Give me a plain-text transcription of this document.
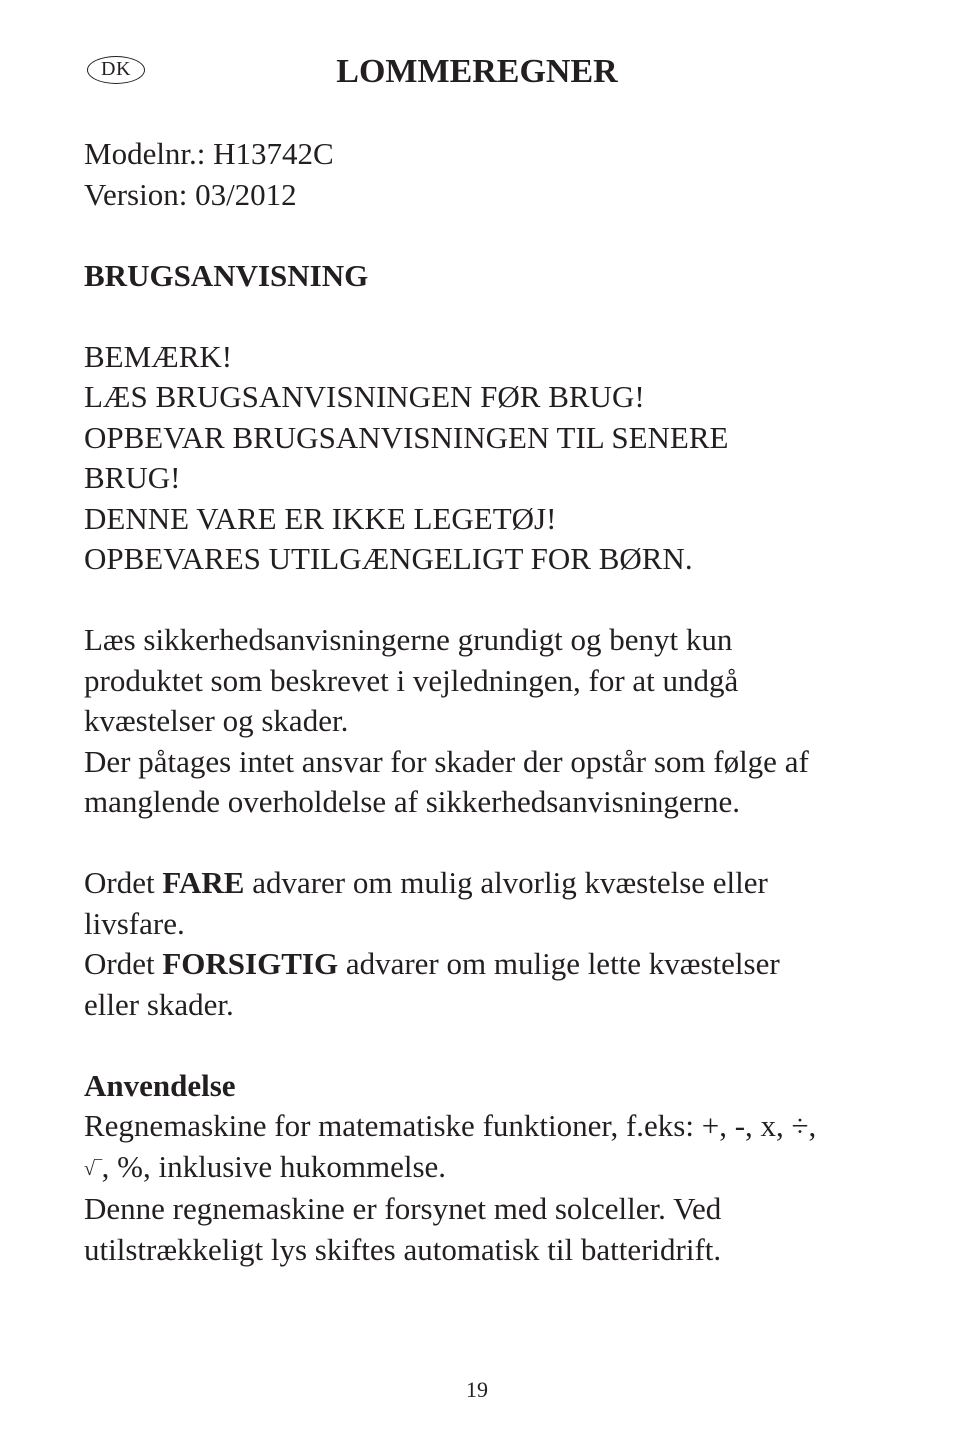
DK	LOMMEREGNER
Modelnr.: H13742C
Version: 03/2012
BRUGSANVISNING
BEMÆRK!
LÆS BRUGSANVISNINGEN FØR BRUG!
OPBEVAR BRUGSANVISNINGEN TIL SENERE
BRUG!
DENNE VARE ER IKKE LEGETØJ!
OPBEVARES UTILGÆNGELIGT FOR BØRN.
Læs sikkerhedsanvisningerne grundigt og benyt kun
produktet som beskrevet i vejledningen, for at undgå
kvæstelser og skader.
Der påtages intet ansvar for skader der opstår som følge af
manglende overholdelse af sikkerhedsanvisningerne.
Ordet FARE advarer om mulig alvorlig kvæstelse eller
livsfare.
Ordet FORSIGTIG advarer om mulige lette kvæstelser
eller skader.
Anvendelse
Regnemaskine for matematiske funktioner, f.eks: +, -, x, ÷,
√‾, %, inklusive hukommelse.
Denne regnemaskine er forsynet med solceller. Ved
utilstrækkeligt lys skiftes automatisk til batteridrift.
19
